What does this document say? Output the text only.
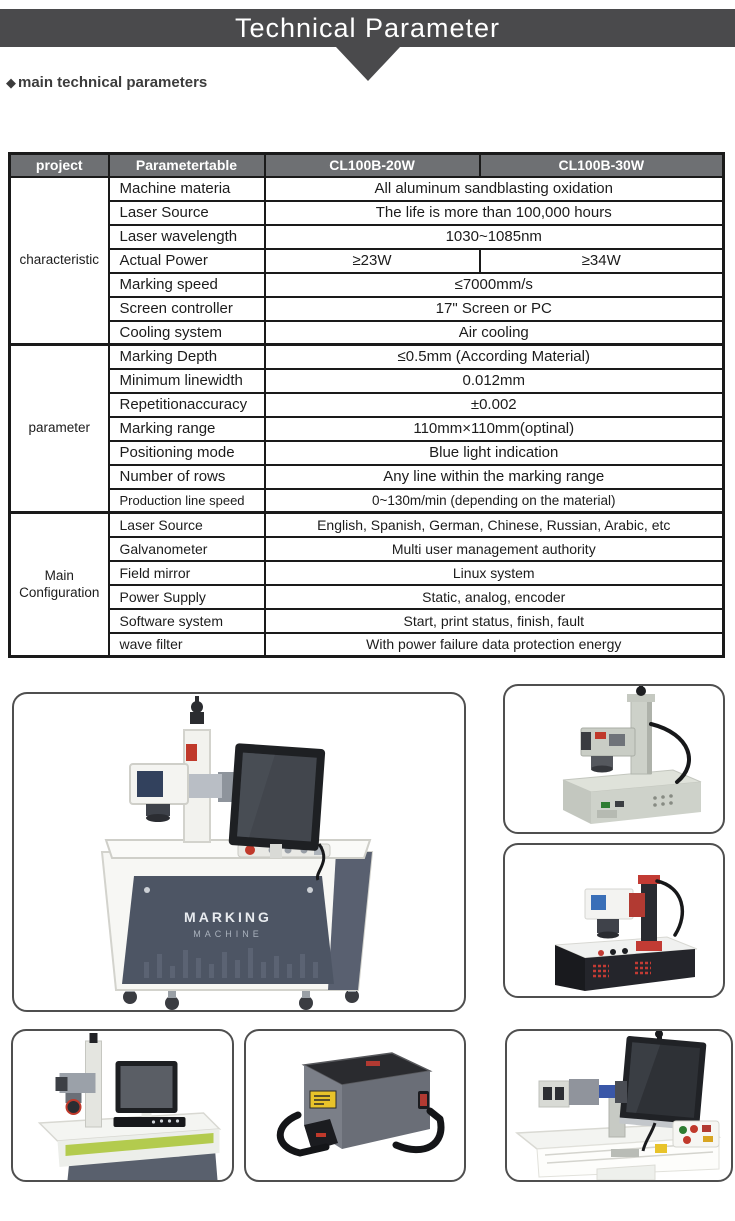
Technical Parameter
◆ main technical parameters
project	Parametertable	CL100B-20W	CL100B-30W
characteristic	Machine materia	All aluminum sandblasting oxidation	
	Laser Source	The life is more than 100,000 hours	
	Laser wavelength	1030~1085nm	
	Actual Power	≥23W	≥34W
	Marking speed	≤7000mm/s	
	Screen controller	17" Screen or PC	
	Cooling system	Air cooling	
parameter	Marking Depth	≤0.5mm (According Material)	
	Minimum linewidth	0.012mm	
	Repetitionaccuracy	±0.002	
	Marking range	110mm×110mm(optinal)	
	Positioning mode	Blue light indication	
	Number of rows	Any line within the marking range	
	Production line speed	0~130m/min (depending on the material)	
Main Configuration	Laser Source	English, Spanish, German, Chinese, Russian, Arabic, etc	
	Galvanometer	Multi user management authority	
	Field mirror	Linux system	
	Power Supply	Static, analog, encoder	
	Software system	Start, print status, finish, fault	
	wave filter	With power failure data protection energy	
MARKING
MACHINE
